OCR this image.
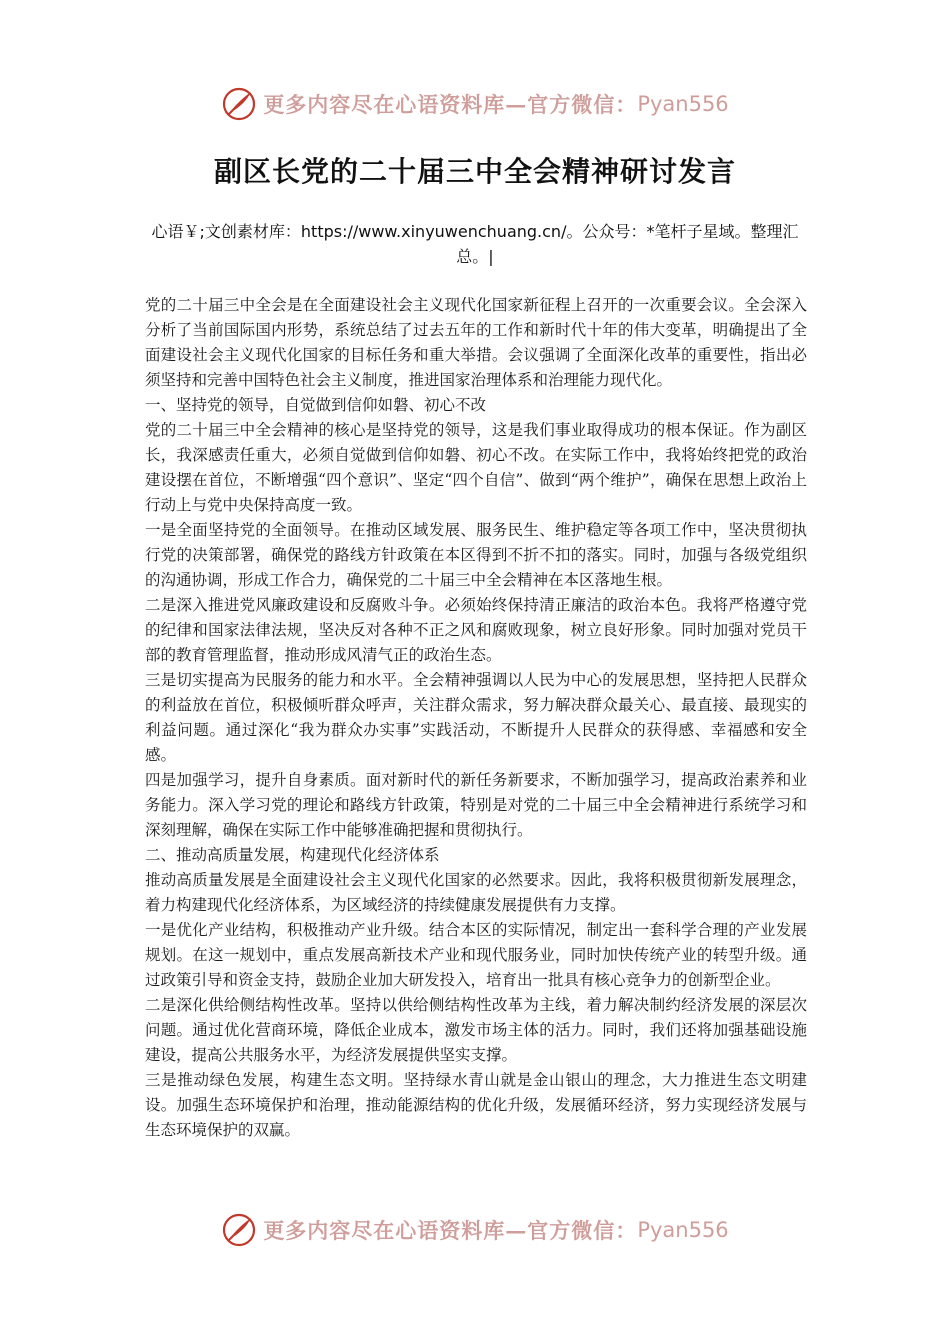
更多内容尽在心语资料库—官方微信： Pyan556
副区长党的二十届三中全会精神研讨发言
心语￥;文创素材库：https://www.xinyuwenchuang.cn/。公众号：*笔杆子星域。整理汇总。|

党的二十届三中全会是在全面建设社会主义现代化国家新征程上召开的一次重要会议。全会深入分析了当前国际国内形势，系统总结了过去五年的工作和新时代十年的伟大变革，明确提出了全面建设社会主义现代化国家的目标任务和重大举措。会议强调了全面深化改革的重要性，指出必须坚持和完善中国特色社会主义制度，推进国家治理体系和治理能力现代化。

一、坚持党的领导，自觉做到信仰如磐、初心不改

党的二十届三中全会精神的核心是坚持党的领导，这是我们事业取得成功的根本保证。作为副区长，我深感责任重大，必须自觉做到信仰如磐、初心不改。在实际工作中，我将始终把党的政治建设摆在首位，不断增强“四个意识”、坚定“四个自信”、做到“两个维护”，确保在思想上政治上行动上与党中央保持高度一致。

一是全面坚持党的全面领导。在推动区域发展、服务民生、维护稳定等各项工作中，坚决贯彻执行党的决策部署，确保党的路线方针政策在本区得到不折不扣的落实。同时，加强与各级党组织的沟通协调，形成工作合力，确保党的二十届三中全会精神在本区落地生根。

二是深入推进党风廉政建设和反腐败斗争。必须始终保持清正廉洁的政治本色。我将严格遵守党的纪律和国家法律法规，坚决反对各种不正之风和腐败现象，树立良好形象。同时加强对党员干部的教育管理监督，推动形成风清气正的政治生态。

三是切实提高为民服务的能力和水平。全会精神强调以人民为中心的发展思想，坚持把人民群众的利益放在首位，积极倾听群众呼声，关注群众需求，努力解决群众最关心、最直接、最现实的利益问题。通过深化“我为群众办实事”实践活动，不断提升人民群众的获得感、幸福感和安全感。

四是加强学习，提升自身素质。面对新时代的新任务新要求，不断加强学习，提高政治素养和业务能力。深入学习党的理论和路线方针政策，特别是对党的二十届三中全会精神进行系统学习和深刻理解，确保在实际工作中能够准确把握和贯彻执行。

二、推动高质量发展，构建现代化经济体系

推动高质量发展是全面建设社会主义现代化国家的必然要求。因此，我将积极贯彻新发展理念，着力构建现代化经济体系，为区域经济的持续健康发展提供有力支撑。

一是优化产业结构，积极推动产业升级。结合本区的实际情况，制定出一套科学合理的产业发展规划。在这一规划中，重点发展高新技术产业和现代服务业，同时加快传统产业的转型升级。通过政策引导和资金支持，鼓励企业加大研发投入，培育出一批具有核心竞争力的创新型企业。

二是深化供给侧结构性改革。坚持以供给侧结构性改革为主线，着力解决制约经济发展的深层次问题。通过优化营商环境，降低企业成本，激发市场主体的活力。同时，我们还将加强基础设施建设，提高公共服务水平，为经济发展提供坚实支撑。

三是推动绿色发展，构建生态文明。坚持绿水青山就是金山银山的理念，大力推进生态文明建设。加强生态环境保护和治理，推动能源结构的优化升级，发展循环经济，努力实现经济发展与生态环境保护的双赢。

更多内容尽在心语资料库—官方微信： Pyan556
